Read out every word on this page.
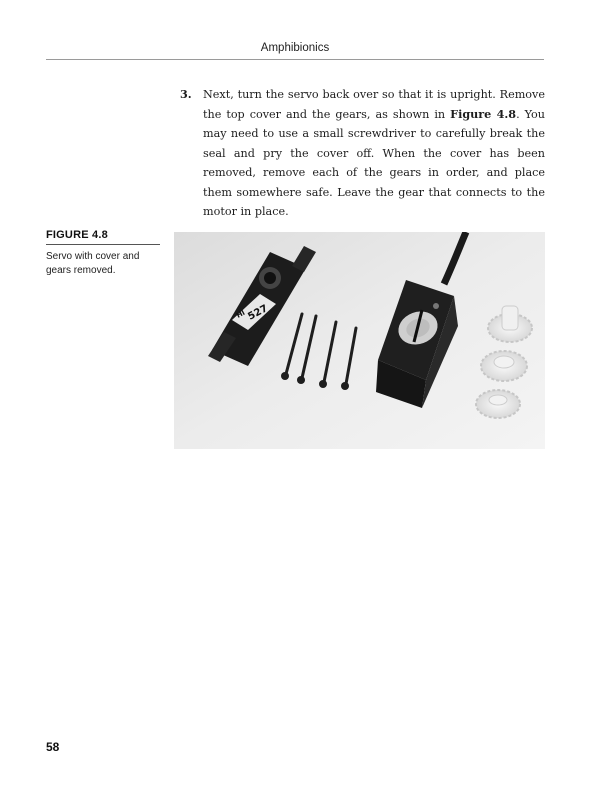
Amphibionics
3. Next, turn the servo back over so that it is upright. Remove the top cover and the gears, as shown in Figure 4.8. You may need to use a small screwdriver to carefully break the seal and pry the cover off. When the cover has been removed, remove each of the gears in order, and place them somewhere safe. Leave the gear that connects to the motor in place.
FIGURE 4.8
Servo with cover and gears removed.
HI 527
58
